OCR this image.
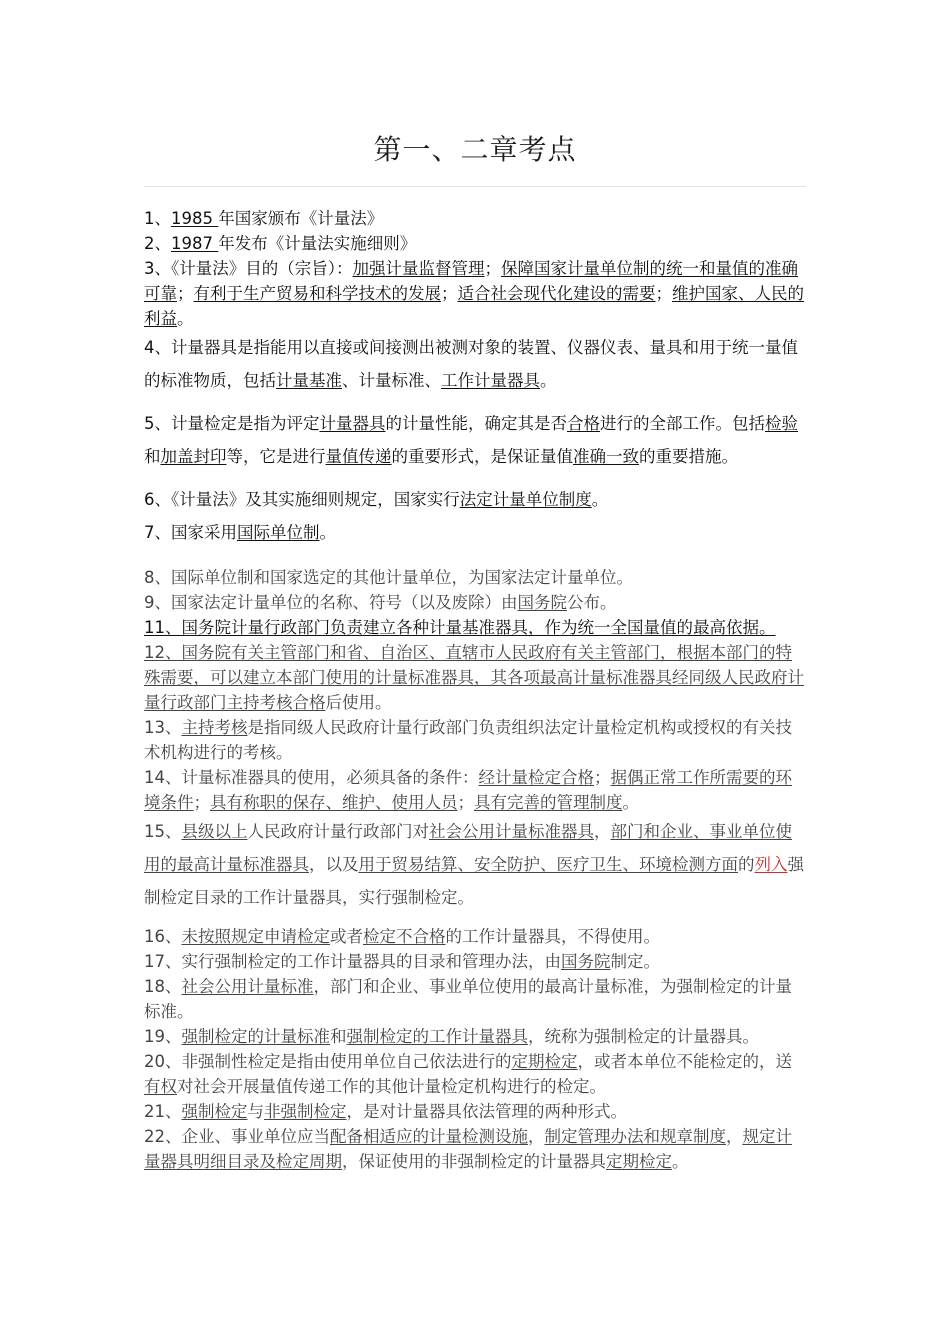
第一、二章考点

1、1985 年国家颁布《计量法》

2、1987 年发布《计量法实施细则》

3、《计量法》目的（宗旨）：加强计量监督管理；保障国家计量单位制的统一和量值的准确可靠；有利于生产贸易和科学技术的发展；适合社会现代化建设的需要；维护国家、人民的利益。

4、计量器具是指能用以直接或间接测出被测对象的装置、仪器仪表、量具和用于统一量值的标准物质，包括计量基准、计量标准、工作计量器具。

5、计量检定是指为评定计量器具的计量性能，确定其是否合格进行的全部工作。包括检验和加盖封印等，它是进行量值传递的重要形式，是保证量值准确一致的重要措施。

6、《计量法》及其实施细则规定，国家实行法定计量单位制度。

7、国家采用国际单位制。

8、国际单位制和国家选定的其他计量单位，为国家法定计量单位。

9、国家法定计量单位的名称、符号（以及废除）由国务院公布。

11、国务院计量行政部门负责建立各种计量基准器具，作为统一全国量值的最高依据。

12、国务院有关主管部门和省、自治区、直辖市人民政府有关主管部门，根据本部门的特殊需要，可以建立本部门使用的计量标准器具，其各项最高计量标准器具经同级人民政府计量行政部门主持考核合格后使用。

13、主持考核是指同级人民政府计量行政部门负责组织法定计量检定机构或授权的有关技术机构进行的考核。

14、计量标准器具的使用，必须具备的条件：经计量检定合格；据偶正常工作所需要的环境条件；具有称职的保存、维护、使用人员；具有完善的管理制度。

15、县级以上人民政府计量行政部门对社会公用计量标准器具，部门和企业、事业单位使用的最高计量标准器具，以及用于贸易结算、安全防护、医疗卫生、环境检测方面的列入强制检定目录的工作计量器具，实行强制检定。

16、未按照规定申请检定或者检定不合格的工作计量器具，不得使用。

17、实行强制检定的工作计量器具的目录和管理办法，由国务院制定。

18、社会公用计量标准，部门和企业、事业单位使用的最高计量标准，为强制检定的计量标准。

19、强制检定的计量标准和强制检定的工作计量器具，统称为强制检定的计量器具。

20、非强制性检定是指由使用单位自己依法进行的定期检定，或者本单位不能检定的，送有权对社会开展量值传递工作的其他计量检定机构进行的检定。

21、强制检定与非强制检定，是对计量器具依法管理的两种形式。

22、企业、事业单位应当配备相适应的计量检测设施，制定管理办法和规章制度，规定计量器具明细目录及检定周期，保证使用的非强制检定的计量器具定期检定。
